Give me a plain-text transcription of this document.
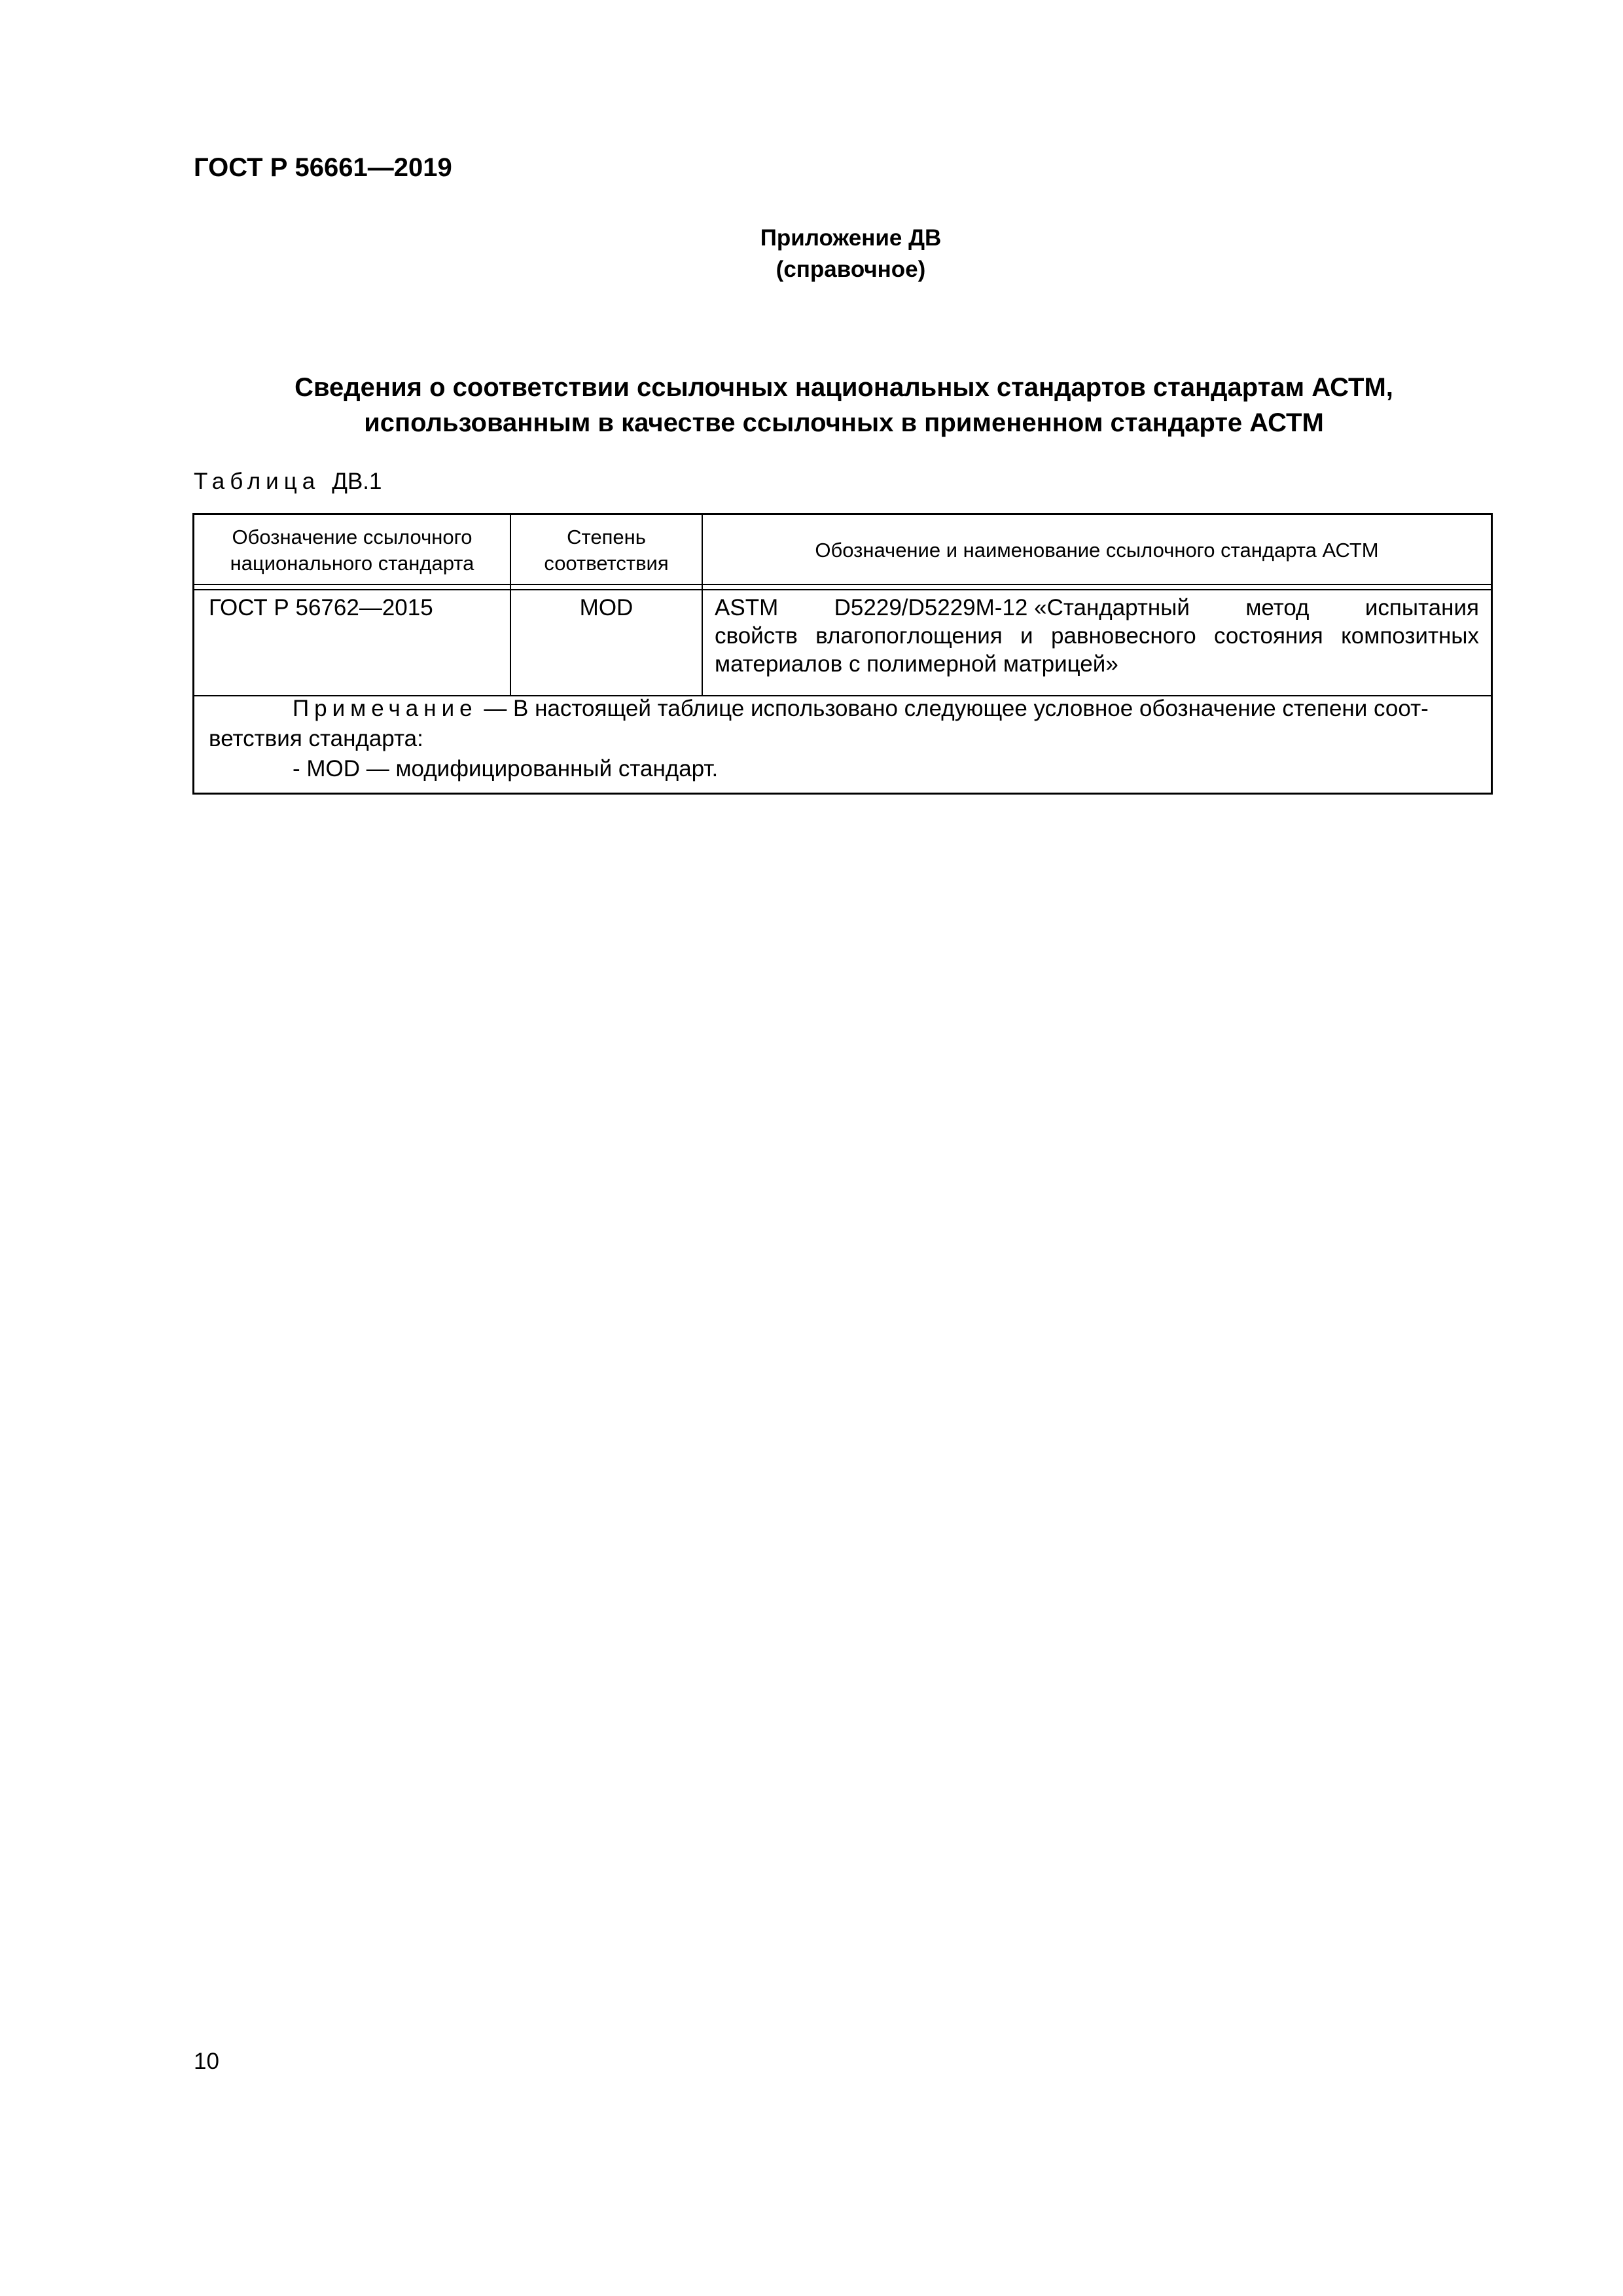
ГОСТ Р 56661—2019
Приложение ДВ
(справочное)
Сведения о соответствии ссылочных национальных стандартов стандартам АСТМ,
использованным в качестве ссылочных в примененном стандарте АСТМ
Таблица ДВ.1
Обозначение ссылочного
национального стандарта
Степень
соответствия
Обозначение и наименование ссылочного стандарта АСТМ
ГОСТ Р 56762—2015	MOD	ASTM D5229/D5229M-12 «Стандартный метод испытания
свойств влагопоглощения и равновесного состояния композитных
материалов с полимерной матрицей»
Примечание — В настоящей таблице использовано следующее условное обозначение степени соот-
ветствия стандарта:
- MOD — модифицированный стандарт.
10
